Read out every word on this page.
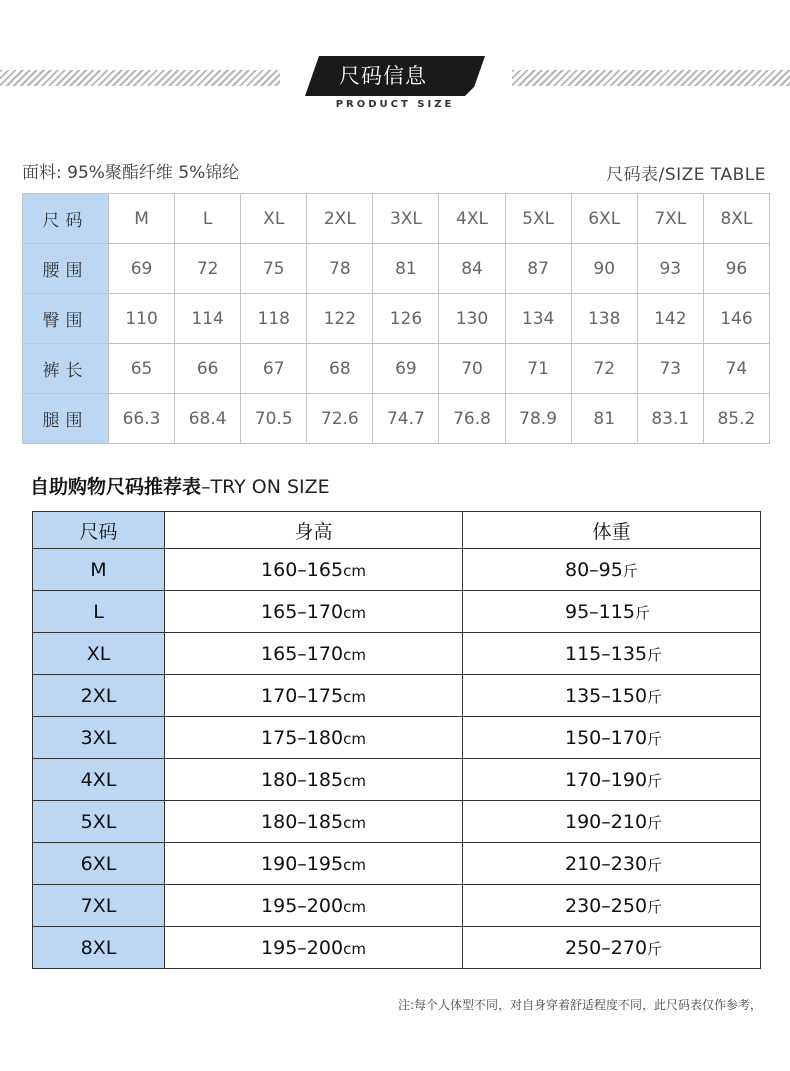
尺码信息
PRODUCT SIZE
面料: 95%聚酯纤维 5%锦纶	尺码表/SIZE TABLE
尺码	M	L	XL	2XL	3XL	4XL	5XL	6XL	7XL	8XL
腰围	69	72	75	78	81	84	87	90	93	96
臀围	110	114	118	122	126	130	134	138	142	146
裤长	65	66	67	68	69	70	71	72	73	74
腿围	66.3	68.4	70.5	72.6	74.7	76.8	78.9	81	83.1	85.2
自助购物尺码推荐表–TRY ON SIZE
尺码	身高	体重
M	160–165cm	80–95斤
L	165–170cm	95–115斤
XL	165–170cm	115–135斤
2XL	170–175cm	135–150斤
3XL	175–180cm	150–170斤
4XL	180–185cm	170–190斤
5XL	180–185cm	190–210斤
6XL	190–195cm	210–230斤
7XL	195–200cm	230–250斤
8XL	195–200cm	250–270斤
注:每个人体型不同，对自身穿着舒适程度不同，此尺码表仅作参考，
